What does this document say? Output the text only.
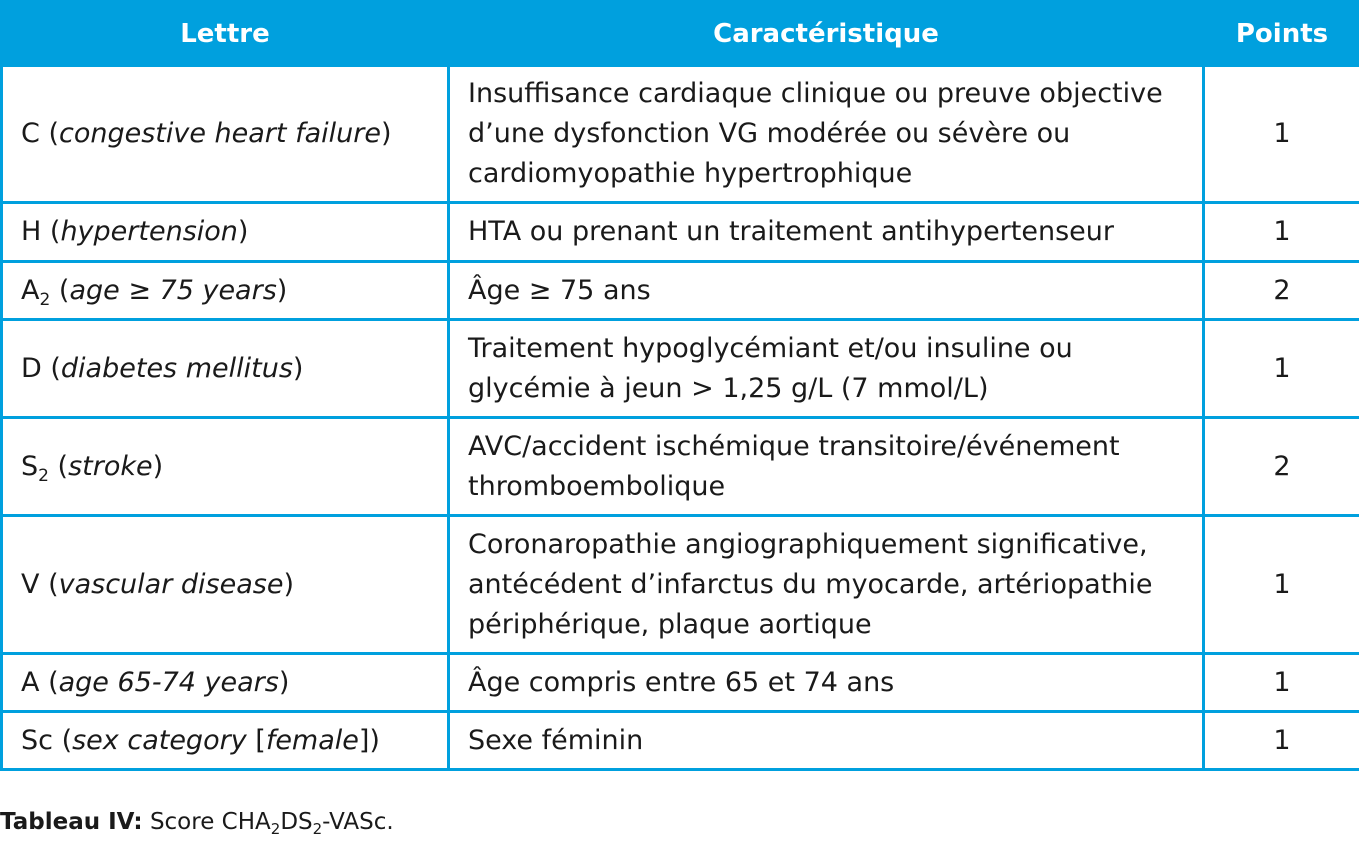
Lettre	Caractéristique	Points
C (congestive heart failure)	Insuffisance cardiaque clinique ou preuve objective d’une dysfonction VG modérée ou sévère ou cardiomyopathie hypertrophique	1
H (hypertension)	HTA ou prenant un traitement antihypertenseur	1
$A_2$ (age ≥ 75 years)	Âge ≥ 75 ans	2
D (diabetes mellitus)	Traitement hypoglycémiant et/ou insuline ou glycémie à jeun > 1,25 g/L (7 mmol/L)	1
$S_2$ (stroke)	AVC/accident ischémique transitoire/événement thromboembolique	2
V (vascular disease)	Coronaropathie angiographiquement significative, antécédent d’infarctus du myocarde, artériopathie périphérique, plaque aortique	1
A (age 65-74 years)	Âge compris entre 65 et 74 ans	1
Sc (sex category [female])	Sexe féminin	1
Tableau IV: Score $CHA_2DS_2$-VASc.
